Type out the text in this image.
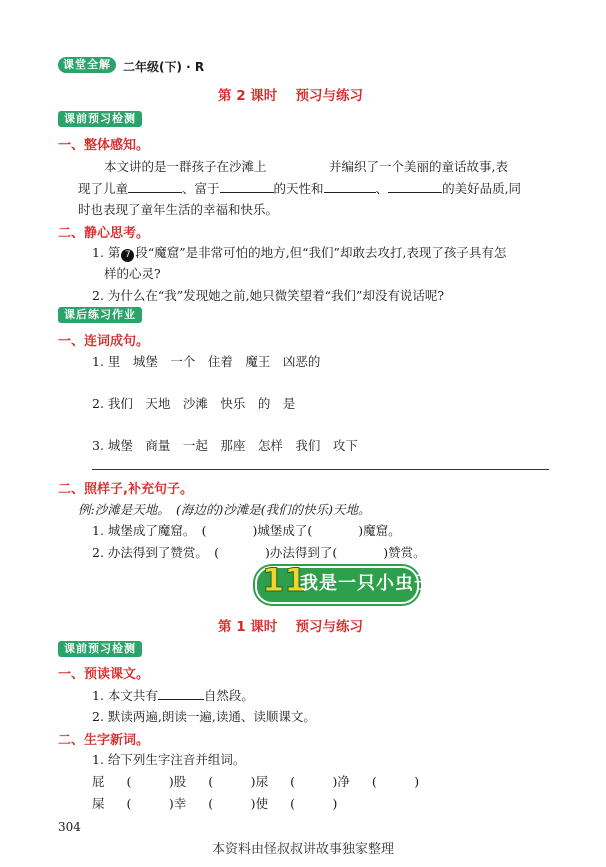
课堂全解	二年级(下) · R
第 2 课时　 预习与练习
课前预习检测
一、整体感知。
本文讲的是一群孩子在沙滩上　　　　　并编织了一个美丽的童话故事,表
现了儿童	、富于	的天性和	、	的美好品质,同
时也表现了童年生活的幸福和快乐。
二、静心思考。
1. 第 7 段“魔窟”是非常可怕的地方,但“我们”却敢去攻打,表现了孩子具有怎
样的心灵?
2. 为什么在“我”发现她之前,她只微笑望着“我们”却没有说话呢?
课后练习作业
一、连词成句。
1. 里　城堡　一个　住着　魔王　凶恶的
2. 我们　天地　沙滩　快乐　的　是
3. 城堡　商量　一起　那座　怎样　我们　攻下
二、照样子,补充句子。
例:沙滩是天地。　(海边的)沙滩是(我们的快乐)天地。
1. 城堡成了魔窟。　(	)城堡成了(	)魔窟。
2. 办法得到了赞赏。　(	)办法得到了(	)赞赏。
11
我是一只小虫子
第 1 课时　 预习与练习
课前预习检测
一、预读课文。
1. 本文共有	自然段。
2. 默读两遍,朗读一遍,读通、读顺课文。
二、生字新词。
1. 给下列生字注音并组词。
屁 (　　　)股 (　　　)尿 (　　　)净 (　　　)
屎 (　　　)幸 (　　　)使 (　　　)
304
本资料由怪叔叔讲故事独家整理
